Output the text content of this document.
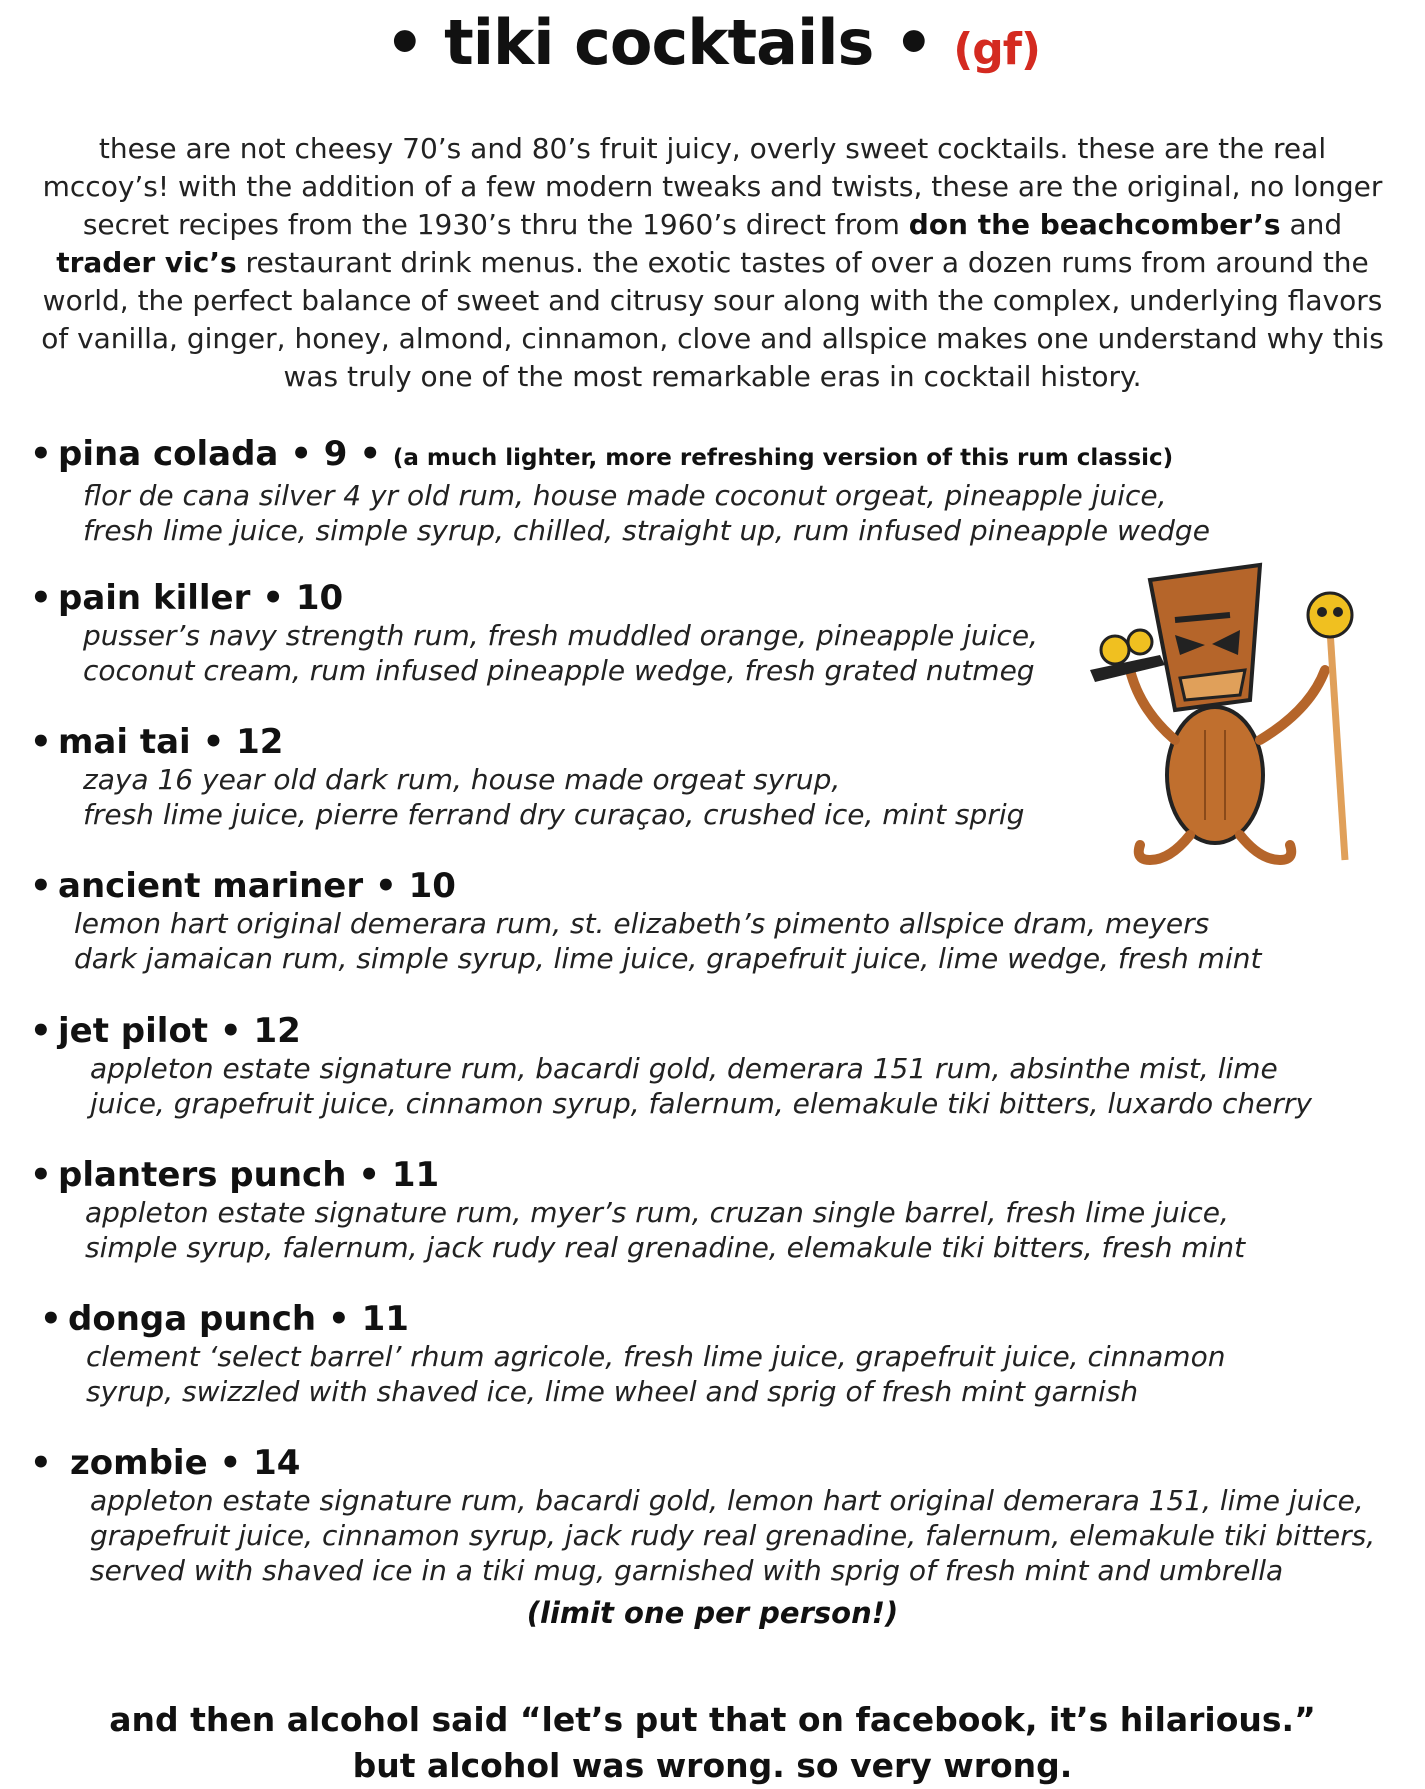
• tiki cocktails • (gf)
these are not cheesy 70’s and 80’s fruit juicy, overly sweet cocktails. these are the real mccoy’s! with the addition of a few modern tweaks and twists, these are the original, no longer secret recipes from the 1930’s thru the 1960’s direct from don the beachcomber’s and trader vic’s restaurant drink menus. the exotic tastes of over a dozen rums from around the world, the perfect balance of sweet and citrusy sour along with the complex, underlying flavors of vanilla, ginger, honey, almond, cinnamon, clove and allspice makes one understand why this was truly one of the most remarkable eras in cocktail history.
• pina colada • 9 • (a much lighter, more refreshing version of this rum classic)
flor de cana silver 4 yr old rum, house made coconut orgeat, pineapple juice,
fresh lime juice, simple syrup, chilled, straight up, rum infused pineapple wedge
• pain killer • 10
pusser’s navy strength rum, fresh muddled orange, pineapple juice,
coconut cream, rum infused pineapple wedge, fresh grated nutmeg
• mai tai • 12
zaya 16 year old dark rum, house made orgeat syrup,
fresh lime juice, pierre ferrand dry curaçao, crushed ice, mint sprig
• ancient mariner • 10
lemon hart original demerara rum, st. elizabeth’s pimento allspice dram, meyers
dark jamaican rum, simple syrup, lime juice, grapefruit juice, lime wedge, fresh mint
• jet pilot • 12
appleton estate signature rum, bacardi gold, demerara 151 rum, absinthe mist, lime
juice, grapefruit juice, cinnamon syrup, falernum, elemakule tiki bitters, luxardo cherry
• planters punch • 11
appleton estate signature rum, myer’s rum, cruzan single barrel, fresh lime juice,
simple syrup, falernum, jack rudy real grenadine, elemakule tiki bitters, fresh mint
• donga punch • 11
clement ‘select barrel’ rhum agricole, fresh lime juice, grapefruit juice, cinnamon
syrup, swizzled with shaved ice, lime wheel and sprig of fresh mint garnish
• zombie • 14
appleton estate signature rum, bacardi gold, lemon hart original demerara 151, lime juice,
grapefruit juice, cinnamon syrup, jack rudy real grenadine, falernum, elemakule tiki bitters,
served with shaved ice in a tiki mug, garnished with sprig of fresh mint and umbrella
(limit one per person!)
and then alcohol said “let’s put that on facebook, it’s hilarious.”
but alcohol was wrong. so very wrong.
